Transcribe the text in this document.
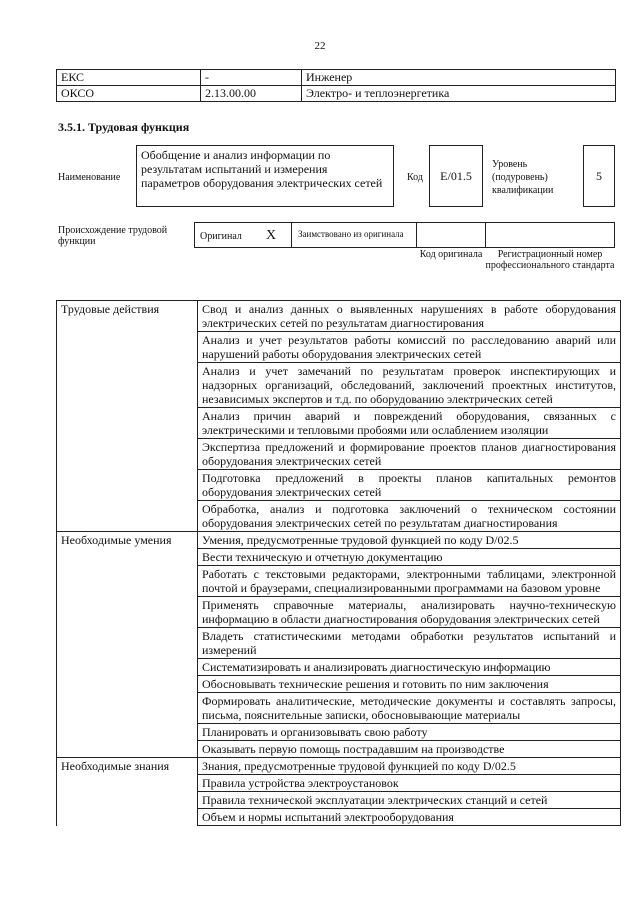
22
ЕКС	-	Инженер
ОКСО	2.13.00.00	Электро- и теплоэнергетика
3.5.1. Трудовая функция
Наименование
Обобщение и анализ информации по результатам испытаний и измерения параметров оборудования электрических сетей	Код	E/01.5
Уровень (подуровень) квалификации
5
Происхождение трудовой функции	Оригинал X	Заимствовано из оригинала
Код оригинала	Регистрационный номер профессионального стандарта
Трудовые действия	Свод и анализ данных о выявленных нарушениях в работе оборудования электрических сетей по результатам диагностирования
	Анализ и учет результатов работы комиссий по расследованию аварий или нарушений работы оборудования электрических сетей
	Анализ и учет замечаний по результатам проверок инспектирующих и надзорных организаций, обследований, заключений проектных институтов, независимых экспертов и т.д. по оборудованию электрических сетей
	Анализ причин аварий и повреждений оборудования, связанных с электрическими и тепловыми пробоями или ослаблением изоляции
	Экспертиза предложений и формирование проектов планов диагностирования оборудования электрических сетей
	Подготовка предложений в проекты планов капитальных ремонтов оборудования электрических сетей
	Обработка, анализ и подготовка заключений о техническом состоянии оборудования электрических сетей по результатам диагностирования
Необходимые умения	Умения, предусмотренные трудовой функцией по коду D/02.5
	Вести техническую и отчетную документацию
	Работать с текстовыми редакторами, электронными таблицами, электронной почтой и браузерами, специализированными программами на базовом уровне
	Применять справочные материалы, анализировать научно-техническую информацию в области диагностирования оборудования электрических сетей
	Владеть статистическими методами обработки результатов испытаний и измерений
	Систематизировать и анализировать диагностическую информацию
	Обосновывать технические решения и готовить по ним заключения
	Формировать аналитические, методические документы и составлять запросы, письма, пояснительные записки, обосновывающие материалы
	Планировать и организовывать свою работу
	Оказывать первую помощь пострадавшим на производстве
Необходимые знания	Знания, предусмотренные трудовой функцией по коду D/02.5
	Правила устройства электроустановок
	Правила технической эксплуатации электрических станций и сетей
	Объем и нормы испытаний электрооборудования
